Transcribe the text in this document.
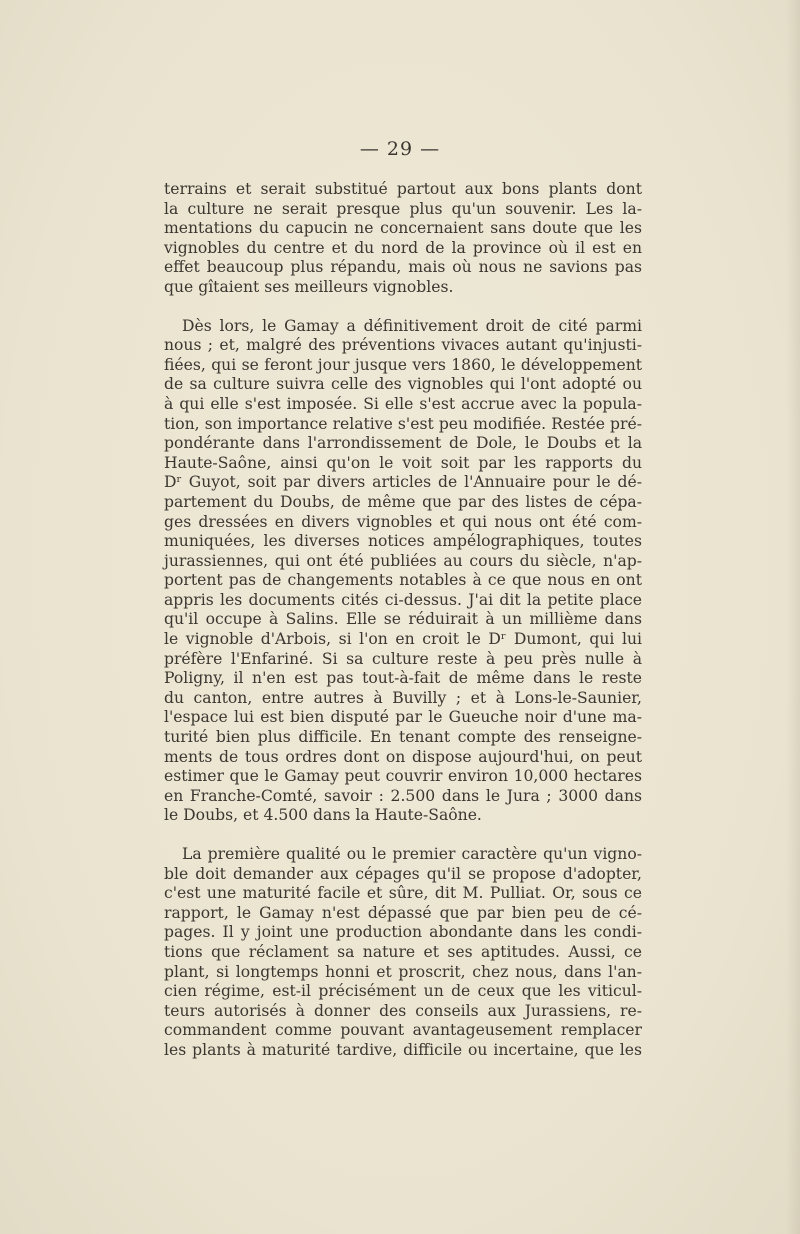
— 29 —
terrains et serait substitué partout aux bons plants dont
la culture ne serait presque plus qu'un souvenir. Les la-
mentations du capucin ne concernaient sans doute que les
vignobles du centre et du nord de la province où il est en
effet beaucoup plus répandu, mais où nous ne savions pas
que gîtaient ses meilleurs vignobles.
Dès lors, le Gamay a définitivement droit de cité parmi
nous ; et, malgré des préventions vivaces autant qu'injusti-
fiées, qui se feront jour jusque vers 1860, le développement
de sa culture suivra celle des vignobles qui l'ont adopté ou
à qui elle s'est imposée. Si elle s'est accrue avec la popula-
tion, son importance relative s'est peu modifiée. Restée pré-
pondérante dans l'arrondissement de Dole, le Doubs et la
Haute-Saône, ainsi qu'on le voit soit par les rapports du
Dʳ Guyot, soit par divers articles de l'Annuaire pour le dé-
partement du Doubs, de même que par des listes de cépa-
ges dressées en divers vignobles et qui nous ont été com-
muniquées, les diverses notices ampélographiques, toutes
jurassiennes, qui ont été publiées au cours du siècle, n'ap-
portent pas de changements notables à ce que nous en ont
appris les documents cités ci-dessus. J'ai dit la petite place
qu'il occupe à Salins. Elle se réduirait à un millième dans
le vignoble d'Arbois, si l'on en croit le Dʳ Dumont, qui lui
préfère l'Enfariné. Si sa culture reste à peu près nulle à
Poligny, il n'en est pas tout-à-fait de même dans le reste
du canton, entre autres à Buvilly ; et à Lons-le-Saunier,
l'espace lui est bien disputé par le Gueuche noir d'une ma-
turité bien plus difficile. En tenant compte des renseigne-
ments de tous ordres dont on dispose aujourd'hui, on peut
estimer que le Gamay peut couvrir environ 10,000 hectares
en Franche-Comté, savoir : 2.500 dans le Jura ; 3000 dans
le Doubs, et 4.500 dans la Haute-Saône.
La première qualité ou le premier caractère qu'un vigno-
ble doit demander aux cépages qu'il se propose d'adopter,
c'est une maturité facile et sûre, dit M. Pulliat. Or, sous ce
rapport, le Gamay n'est dépassé que par bien peu de cé-
pages. Il y joint une production abondante dans les condi-
tions que réclament sa nature et ses aptitudes. Aussi, ce
plant, si longtemps honni et proscrit, chez nous, dans l'an-
cien régime, est-il précisément un de ceux que les viticul-
teurs autorisés à donner des conseils aux Jurassiens, re-
commandent comme pouvant avantageusement remplacer
les plants à maturité tardive, difficile ou incertaine, que les
